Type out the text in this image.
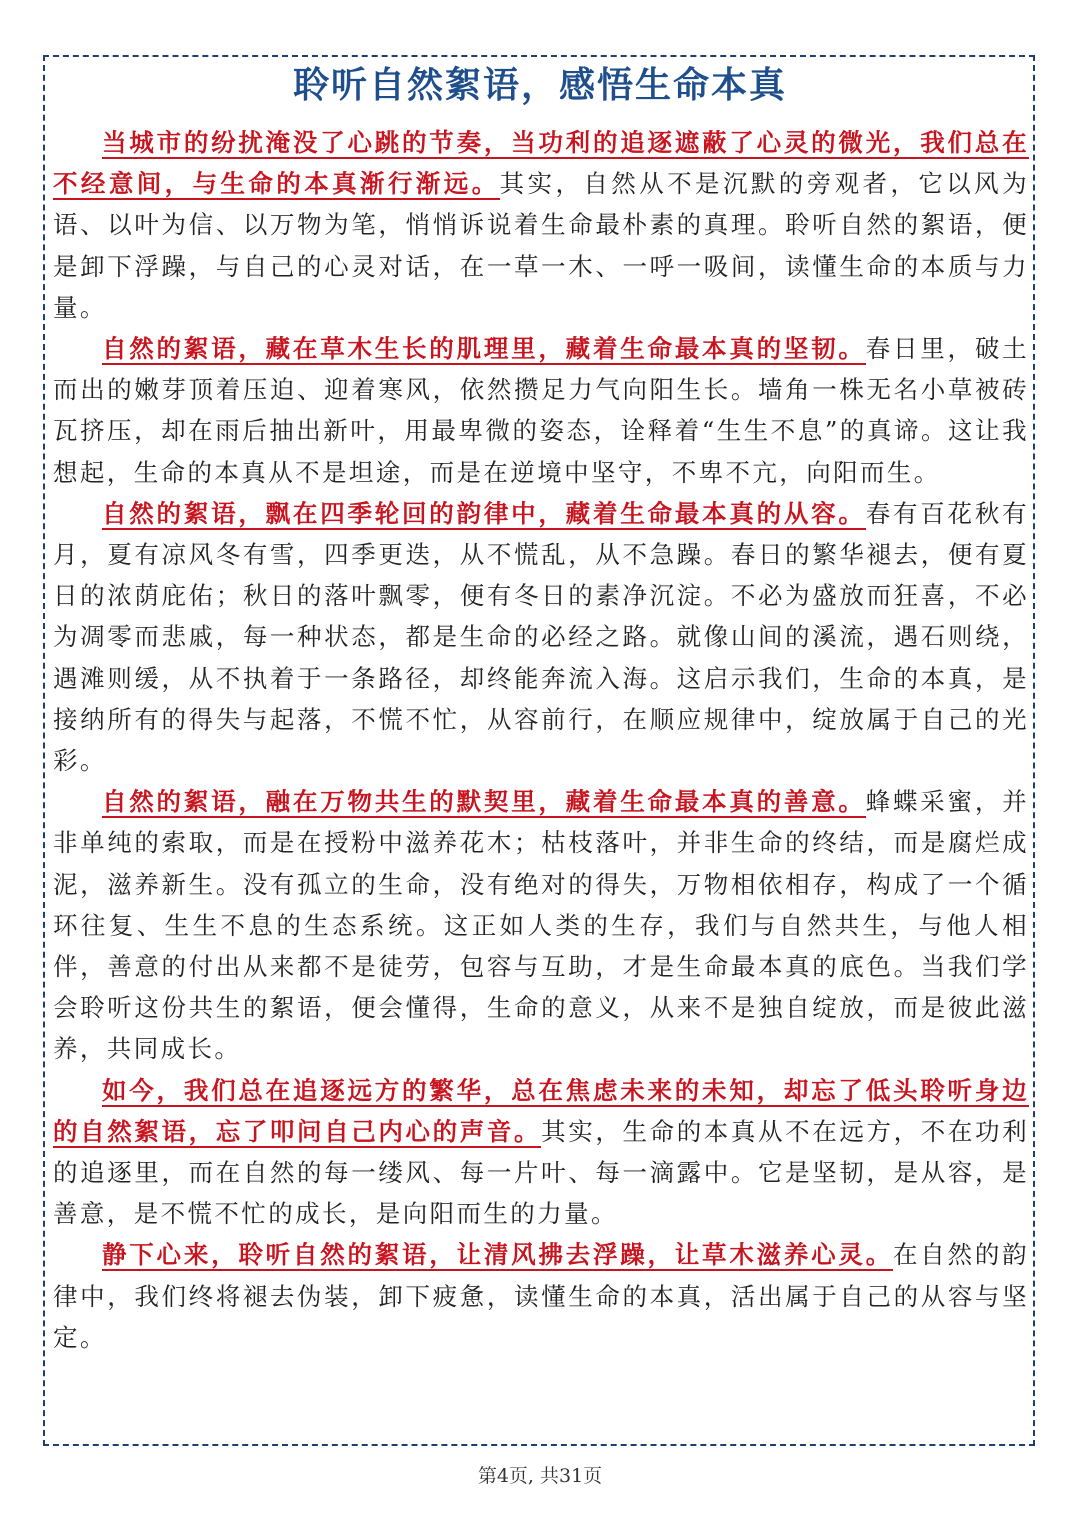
聆听自然絮语，感悟生命本真

当城市的纷扰淹没了心跳的节奏，当功利的追逐遮蔽了心灵的微光，我们总在不经意间，与生命的本真渐行渐远。其实，自然从不是沉默的旁观者，它以风为语、以叶为信、以万物为笔，悄悄诉说着生命最朴素的真理。聆听自然的絮语，便是卸下浮躁，与自己的心灵对话，在一草一木、一呼一吸间，读懂生命的本质与力量。

自然的絮语，藏在草木生长的肌理里，藏着生命最本真的坚韧。春日里，破土而出的嫩芽顶着压迫、迎着寒风，依然攒足力气向阳生长。墙角一株无名小草被砖瓦挤压，却在雨后抽出新叶，用最卑微的姿态，诠释着“生生不息”的真谛。这让我想起，生命的本真从不是坦途，而是在逆境中坚守，不卑不亢，向阳而生。

自然的絮语，飘在四季轮回的韵律中，藏着生命最本真的从容。春有百花秋有月，夏有凉风冬有雪，四季更迭，从不慌乱，从不急躁。春日的繁华褪去，便有夏日的浓荫庇佑；秋日的落叶飘零，便有冬日的素净沉淀。不必为盛放而狂喜，不必为凋零而悲戚，每一种状态，都是生命的必经之路。就像山间的溪流，遇石则绕，遇滩则缓，从不执着于一条路径，却终能奔流入海。这启示我们，生命的本真，是接纳所有的得失与起落，不慌不忙，从容前行，在顺应规律中，绽放属于自己的光彩。

自然的絮语，融在万物共生的默契里，藏着生命最本真的善意。蜂蝶采蜜，并非单纯的索取，而是在授粉中滋养花木；枯枝落叶，并非生命的终结，而是腐烂成泥，滋养新生。没有孤立的生命，没有绝对的得失，万物相依相存，构成了一个循环往复、生生不息的生态系统。这正如人类的生存，我们与自然共生，与他人相伴，善意的付出从来都不是徒劳，包容与互助，才是生命最本真的底色。当我们学会聆听这份共生的絮语，便会懂得，生命的意义，从来不是独自绽放，而是彼此滋养，共同成长。

如今，我们总在追逐远方的繁华，总在焦虑未来的未知，却忘了低头聆听身边的自然絮语，忘了叩问自己内心的声音。其实，生命的本真从不在远方，不在功利的追逐里，而在自然的每一缕风、每一片叶、每一滴露中。它是坚韧，是从容，是善意，是不慌不忙的成长，是向阳而生的力量。

静下心来，聆听自然的絮语，让清风拂去浮躁，让草木滋养心灵。在自然的韵律中，我们终将褪去伪装，卸下疲惫，读懂生命的本真，活出属于自己的从容与坚定。

第4页, 共31页
